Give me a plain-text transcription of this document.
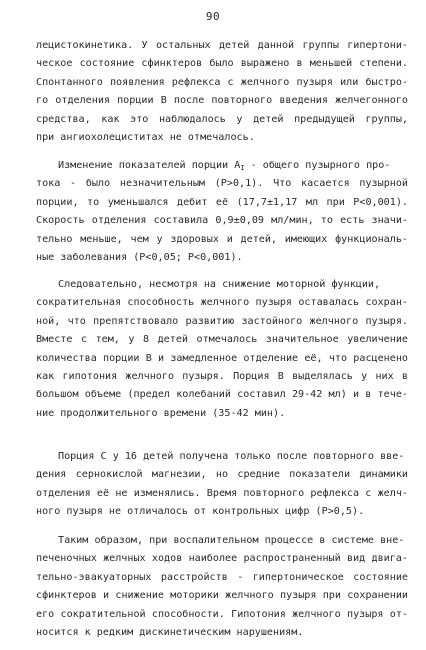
90
лецистокинетика. У остальных детей данной группы гипертони-
ческое состояние сфинктеров было выражено в меньшей степени.
Спонтанного появления рефлекса с желчного пузыря или быстро-
го отделения порции В после повторного введения желчегонного
средства, как это наблюдалось у детей предыдущей группы,
при ангиохолециститах не отмечалось.
Изменение показателей порции $А_I$ - общего пузырного про-
тока - было незначительным (Р>0,1). Что касается пузырной
порции, то уменьшался дебит её (17,7±1,17 мл при Р<0,001).
Скорость отделения составила 0,9±0,09 мл/мин, то есть значи-
тельно меньше, чем у здоровых и детей, имеющих функциональ-
ные заболевания (Р<0,05; Р<0,001).
Следовательно, несмотря на снижение моторной функции,
сократительная способность желчного пузыря оставалась сохран-
ной, что препятствовало развитию застойного желчного пузыря.
Вместе с тем, у 8 детей отмечалось значительное увеличение
количества порции В и замедленное отделение её, что расценено
как гипотония желчного пузыря. Порция В выделялась у них в
большом объеме (предел колебаний составил 29-42 мл) и в тече-
ние продолжительного времени (35-42 мин).
Порция С у 16 детей получена только после повторного вве-
дения сернокислой магнезии, но средние показатели динамики
отделения её не изменялись. Время повторного рефлекса с желч-
ного пузыря не отличалось от контрольных цифр (Р>0,5).
Таким образом, при воспалительном процессе в системе вне-
печеночных желчных ходов наиболее распространенный вид двига-
тельно-эвакуаторных расстройств - гипертоническое состояние
сфинктеров и снижение моторики желчного пузыря при сохранении
его сократительной способности. Гипотония желчного пузыря от-
носится к редким дискинетическим нарушениям.
